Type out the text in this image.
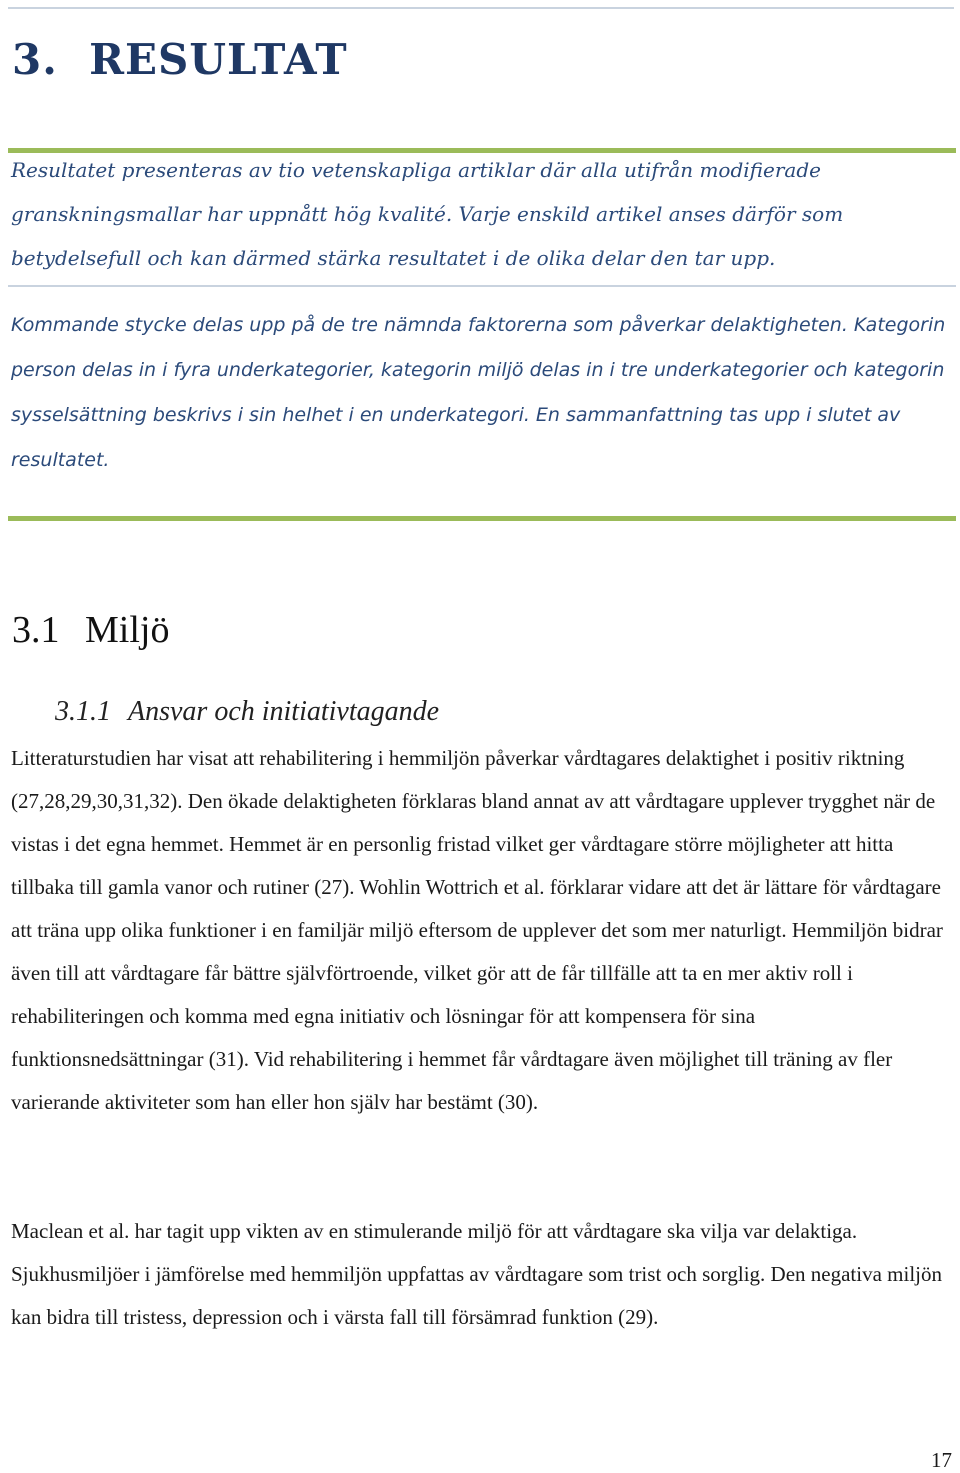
3. RESULTAT

Resultatet presenteras av tio vetenskapliga artiklar där alla utifrån modifierade granskningsmallar har uppnått hög kvalité. Varje enskild artikel anses därför som betydelsefull och kan därmed stärka resultatet i de olika delar den tar upp.

Kommande stycke delas upp på de tre nämnda faktorerna som påverkar delaktigheten. Kategorin person delas in i fyra underkategorier, kategorin miljö delas in i tre underkategorier och kategorin sysselsättning beskrivs i sin helhet i en underkategori. En sammanfattning tas upp i slutet av resultatet.

3.1 Miljö
3.1.1 Ansvar och initiativtagande

Litteraturstudien har visat att rehabilitering i hemmiljön påverkar vårdtagares delaktighet i positiv riktning (27,28,29,30,31,32). Den ökade delaktigheten förklaras bland annat av att vårdtagare upplever trygghet när de vistas i det egna hemmet. Hemmet är en personlig fristad vilket ger vårdtagare större möjligheter att hitta tillbaka till gamla vanor och rutiner (27). Wohlin Wottrich et al. förklarar vidare att det är lättare för vårdtagare att träna upp olika funktioner i en familjär miljö eftersom de upplever det som mer naturligt. Hemmiljön bidrar även till att vårdtagare får bättre självförtroende, vilket gör att de får tillfälle att ta en mer aktiv roll i rehabiliteringen och komma med egna initiativ och lösningar för att kompensera för sina funktionsnedsättningar (31). Vid rehabilitering i hemmet får vårdtagare även möjlighet till träning av fler varierande aktiviteter som han eller hon själv har bestämt (30).

Maclean et al. har tagit upp vikten av en stimulerande miljö för att vårdtagare ska vilja var delaktiga. Sjukhusmiljöer i jämförelse med hemmiljön uppfattas av vårdtagare som trist och sorglig. Den negativa miljön kan bidra till tristess, depression och i värsta fall till försämrad funktion (29).

17
